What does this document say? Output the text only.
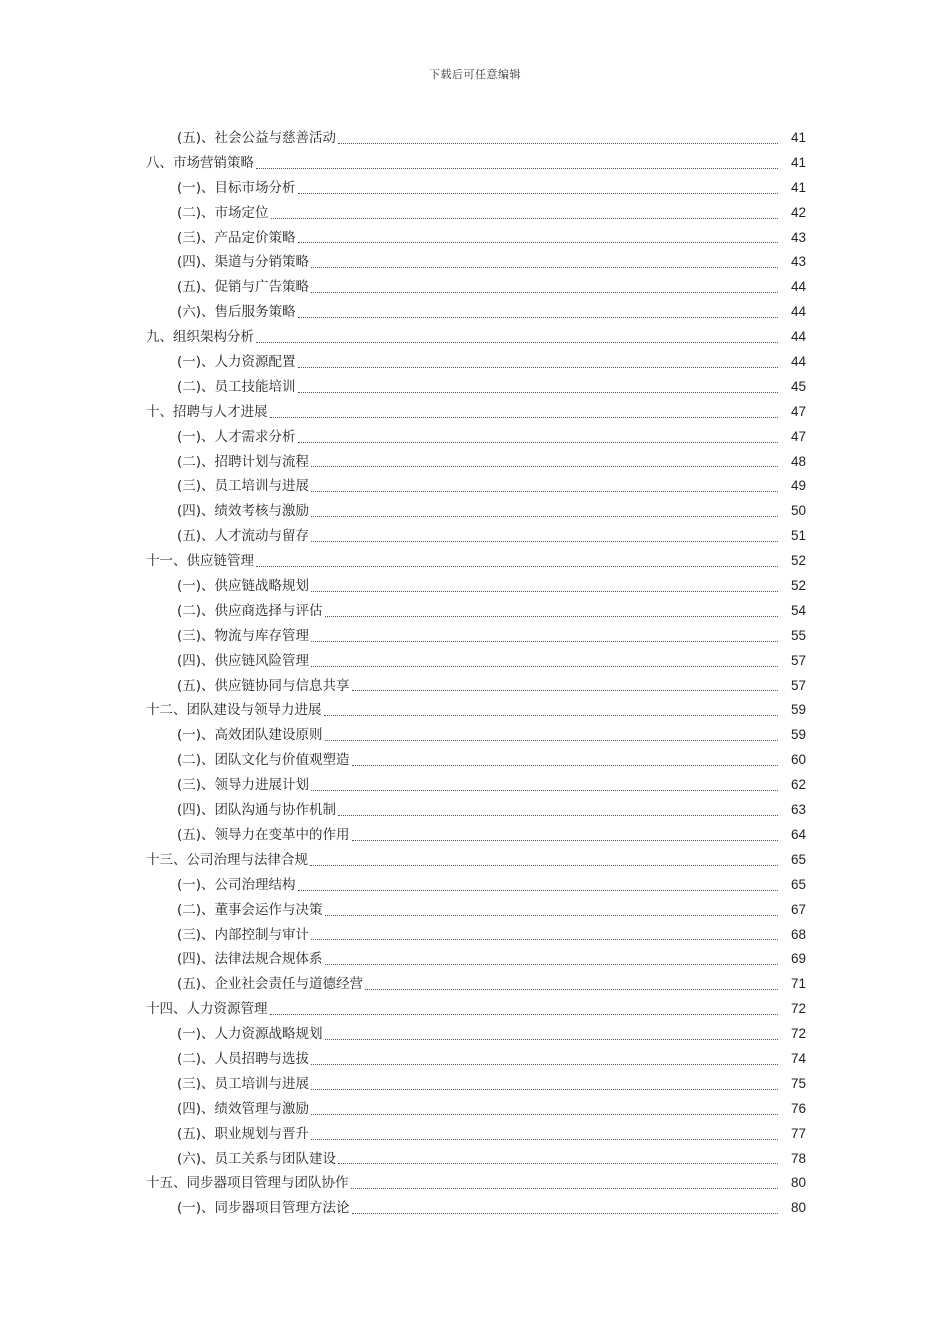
下载后可任意编辑
(五)、社会公益与慈善活动	41
八、市场营销策略	41
(一)、目标市场分析	41
(二)、市场定位	42
(三)、产品定价策略	43
(四)、渠道与分销策略	43
(五)、促销与广告策略	44
(六)、售后服务策略	44
九、组织架构分析	44
(一)、人力资源配置	44
(二)、员工技能培训	45
十、招聘与人才进展	47
(一)、人才需求分析	47
(二)、招聘计划与流程	48
(三)、员工培训与进展	49
(四)、绩效考核与激励	50
(五)、人才流动与留存	51
十一、供应链管理	52
(一)、供应链战略规划	52
(二)、供应商选择与评估	54
(三)、物流与库存管理	55
(四)、供应链风险管理	57
(五)、供应链协同与信息共享	57
十二、团队建设与领导力进展	59
(一)、高效团队建设原则	59
(二)、团队文化与价值观塑造	60
(三)、领导力进展计划	62
(四)、团队沟通与协作机制	63
(五)、领导力在变革中的作用	64
十三、公司治理与法律合规	65
(一)、公司治理结构	65
(二)、董事会运作与决策	67
(三)、内部控制与审计	68
(四)、法律法规合规体系	69
(五)、企业社会责任与道德经营	71
十四、人力资源管理	72
(一)、人力资源战略规划	72
(二)、人员招聘与选拔	74
(三)、员工培训与进展	75
(四)、绩效管理与激励	76
(五)、职业规划与晋升	77
(六)、员工关系与团队建设	78
十五、同步器项目管理与团队协作	80
(一)、同步器项目管理方法论	80
